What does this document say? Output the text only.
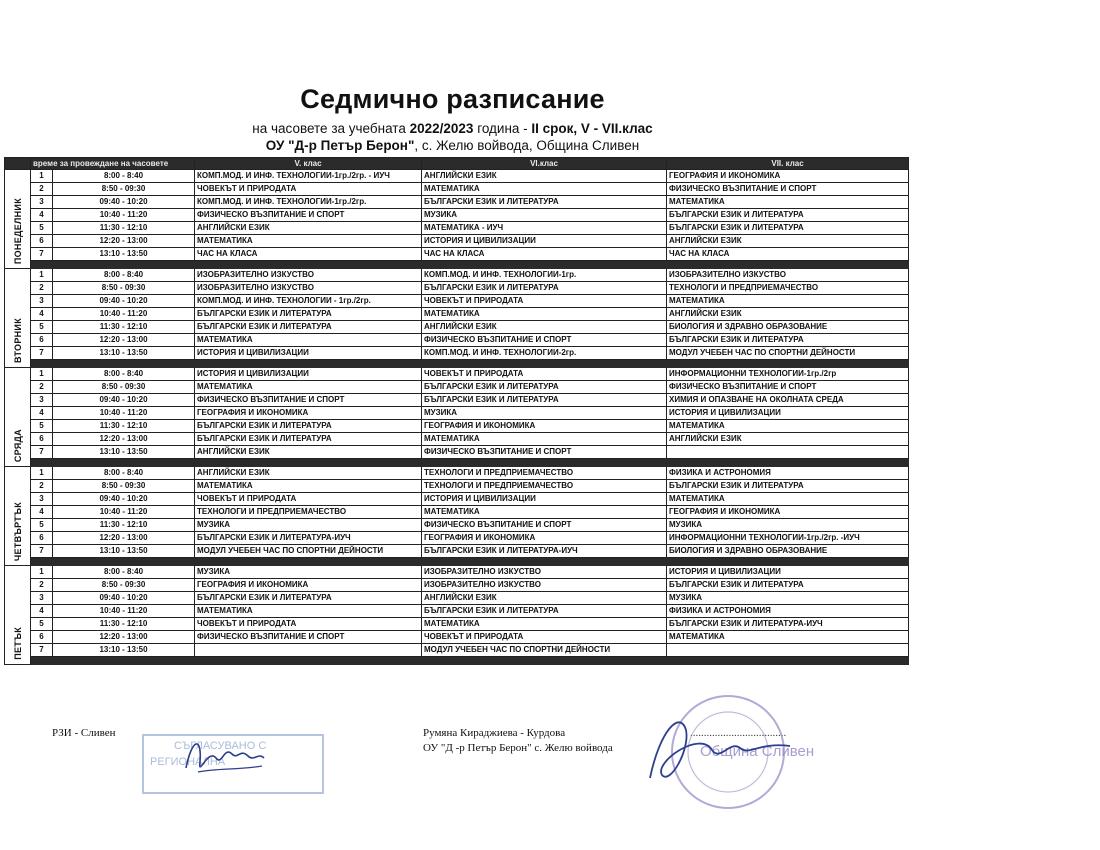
Седмично разписание
на часовете за учебната 2022/2023 година - II срок, V - VII.клас
ОУ "Д-р Петър Берон", с. Желю войвода, Община Сливен
	време за провеждане на часовете		V. клас	VI.клас	VII. клас
ПОНЕДЕЛНИК	1	8:00 - 8:40	КОМП.МОД. И ИНФ. ТЕХНОЛОГИИ-1гр./2гр. - ИУЧ	АНГЛИЙСКИ ЕЗИК	ГЕОГРАФИЯ И ИКОНОМИКА
	2	8:50 - 09:30	ЧОВЕКЪТ И ПРИРОДАТА	МАТЕМАТИКА	ФИЗИЧЕСКО ВЪЗПИТАНИЕ И СПОРТ
	3	09:40 - 10:20	КОМП.МОД. И ИНФ. ТЕХНОЛОГИИ-1гр./2гр.	БЪЛГАРСКИ ЕЗИК И ЛИТЕРАТУРА	МАТЕМАТИКА
	4	10:40 - 11:20	ФИЗИЧЕСКО ВЪЗПИТАНИЕ И СПОРТ	МУЗИКА	БЪЛГАРСКИ ЕЗИК И ЛИТЕРАТУРА
	5	11:30 - 12:10	АНГЛИЙСКИ ЕЗИК	МАТЕМАТИКА - ИУЧ	БЪЛГАРСКИ ЕЗИК И ЛИТЕРАТУРА
	6	12:20 - 13:00	МАТЕМАТИКА	ИСТОРИЯ И ЦИВИЛИЗАЦИИ	АНГЛИЙСКИ ЕЗИК
	7	13:10 - 13:50	ЧАС НА КЛАСА	ЧАС НА КЛАСА	ЧАС НА КЛАСА

ВТОРНИК	1	8:00 - 8:40	ИЗОБРАЗИТЕЛНО ИЗКУСТВО	КОМП.МОД. И ИНФ. ТЕХНОЛОГИИ-1гр.	ИЗОБРАЗИТЕЛНО ИЗКУСТВО
	2	8:50 - 09:30	ИЗОБРАЗИТЕЛНО ИЗКУСТВО	БЪЛГАРСКИ ЕЗИК И ЛИТЕРАТУРА	ТЕХНОЛОГИ И ПРЕДПРИЕМАЧЕСТВО
	3	09:40 - 10:20	КОМП.МОД. И ИНФ. ТЕХНОЛОГИИ - 1гр./2гр.	ЧОВЕКЪТ И ПРИРОДАТА	МАТЕМАТИКА
	4	10:40 - 11:20	БЪЛГАРСКИ ЕЗИК И ЛИТЕРАТУРА	МАТЕМАТИКА	АНГЛИЙСКИ ЕЗИК
	5	11:30 - 12:10	БЪЛГАРСКИ ЕЗИК И ЛИТЕРАТУРА	АНГЛИЙСКИ ЕЗИК	БИОЛОГИЯ И ЗДРАВНО ОБРАЗОВАНИЕ
	6	12:20 - 13:00	МАТЕМАТИКА	ФИЗИЧЕСКО ВЪЗПИТАНИЕ И СПОРТ	БЪЛГАРСКИ ЕЗИК И ЛИТЕРАТУРА
	7	13:10 - 13:50	ИСТОРИЯ И ЦИВИЛИЗАЦИИ	КОМП.МОД. И ИНФ. ТЕХНОЛОГИИ-2гр.	МОДУЛ УЧЕБЕН ЧАС ПО СПОРТНИ ДЕЙНОСТИ

СРЯДА	1	8:00 - 8:40	ИСТОРИЯ И ЦИВИЛИЗАЦИИ	ЧОВЕКЪТ И ПРИРОДАТА	ИНФОРМАЦИОННИ ТЕХНОЛОГИИ-1гр./2гр
	2	8:50 - 09:30	МАТЕМАТИКА	БЪЛГАРСКИ ЕЗИК И ЛИТЕРАТУРА	ФИЗИЧЕСКО ВЪЗПИТАНИЕ И СПОРТ
	3	09:40 - 10:20	ФИЗИЧЕСКО ВЪЗПИТАНИЕ И СПОРТ	БЪЛГАРСКИ ЕЗИК И ЛИТЕРАТУРА	ХИМИЯ И ОПАЗВАНЕ НА ОКОЛНАТА СРЕДА
	4	10:40 - 11:20	ГЕОГРАФИЯ И ИКОНОМИКА	МУЗИКА	ИСТОРИЯ И ЦИВИЛИЗАЦИИ
	5	11:30 - 12:10	БЪЛГАРСКИ ЕЗИК И ЛИТЕРАТУРА	ГЕОГРАФИЯ И ИКОНОМИКА	МАТЕМАТИКА
	6	12:20 - 13:00	БЪЛГАРСКИ ЕЗИК И ЛИТЕРАТУРА	МАТЕМАТИКА	АНГЛИЙСКИ ЕЗИК
	7	13:10 - 13:50	АНГЛИЙСКИ ЕЗИК	ФИЗИЧЕСКО ВЪЗПИТАНИЕ И СПОРТ	

ЧЕТВЪРТЪК	1	8:00 - 8:40	АНГЛИЙСКИ ЕЗИК	ТЕХНОЛОГИ И ПРЕДПРИЕМАЧЕСТВО	ФИЗИКА И АСТРОНОМИЯ
	2	8:50 - 09:30	МАТЕМАТИКА	ТЕХНОЛОГИ И ПРЕДПРИЕМАЧЕСТВО	БЪЛГАРСКИ ЕЗИК И ЛИТЕРАТУРА
	3	09:40 - 10:20	ЧОВЕКЪТ И ПРИРОДАТА	ИСТОРИЯ И ЦИВИЛИЗАЦИИ	МАТЕМАТИКА
	4	10:40 - 11:20	ТЕХНОЛОГИ И ПРЕДПРИЕМАЧЕСТВО	МАТЕМАТИКА	ГЕОГРАФИЯ И ИКОНОМИКА
	5	11:30 - 12:10	МУЗИКА	ФИЗИЧЕСКО ВЪЗПИТАНИЕ И СПОРТ	МУЗИКА
	6	12:20 - 13:00	БЪЛГАРСКИ ЕЗИК И ЛИТЕРАТУРА-ИУЧ	ГЕОГРАФИЯ И ИКОНОМИКА	ИНФОРМАЦИОННИ ТЕХНОЛОГИИ-1гр./2гр. -ИУЧ
	7	13:10 - 13:50	МОДУЛ УЧЕБЕН ЧАС ПО СПОРТНИ ДЕЙНОСТИ	БЪЛГАРСКИ ЕЗИК И ЛИТЕРАТУРА-ИУЧ	БИОЛОГИЯ И ЗДРАВНО ОБРАЗОВАНИЕ

ПЕТЪК	1	8:00 - 8:40	МУЗИКА	ИЗОБРАЗИТЕЛНО ИЗКУСТВО	ИСТОРИЯ И ЦИВИЛИЗАЦИИ
	2	8:50 - 09:30	ГЕОГРАФИЯ И ИКОНОМИКА	ИЗОБРАЗИТЕЛНО ИЗКУСТВО	БЪЛГАРСКИ ЕЗИК И ЛИТЕРАТУРА
	3	09:40 - 10:20	БЪЛГАРСКИ ЕЗИК И ЛИТЕРАТУРА	АНГЛИЙСКИ ЕЗИК	МУЗИКА
	4	10:40 - 11:20	МАТЕМАТИКА	БЪЛГАРСКИ ЕЗИК И ЛИТЕРАТУРА	ФИЗИКА И АСТРОНОМИЯ
	5	11:30 - 12:10	ЧОВЕКЪТ И ПРИРОДАТА	МАТЕМАТИКА	БЪЛГАРСКИ ЕЗИК И ЛИТЕРАТУРА-ИУЧ
	6	12:20 - 13:00	ФИЗИЧЕСКО ВЪЗПИТАНИЕ И СПОРТ	ЧОВЕКЪТ И ПРИРОДАТА	МАТЕМАТИКА
	7	13:10 - 13:50		МОДУЛ УЧЕБЕН ЧАС ПО СПОРТНИ ДЕЙНОСТИ	

РЗИ - Сливен	Румяна Кираджиева - Курдова
ОУ "Д -р Петър Берон" с. Желю войвода
...................................
СЪГЛАСУВАНО С
РЕГИОНАЛНА
Община Сливен
